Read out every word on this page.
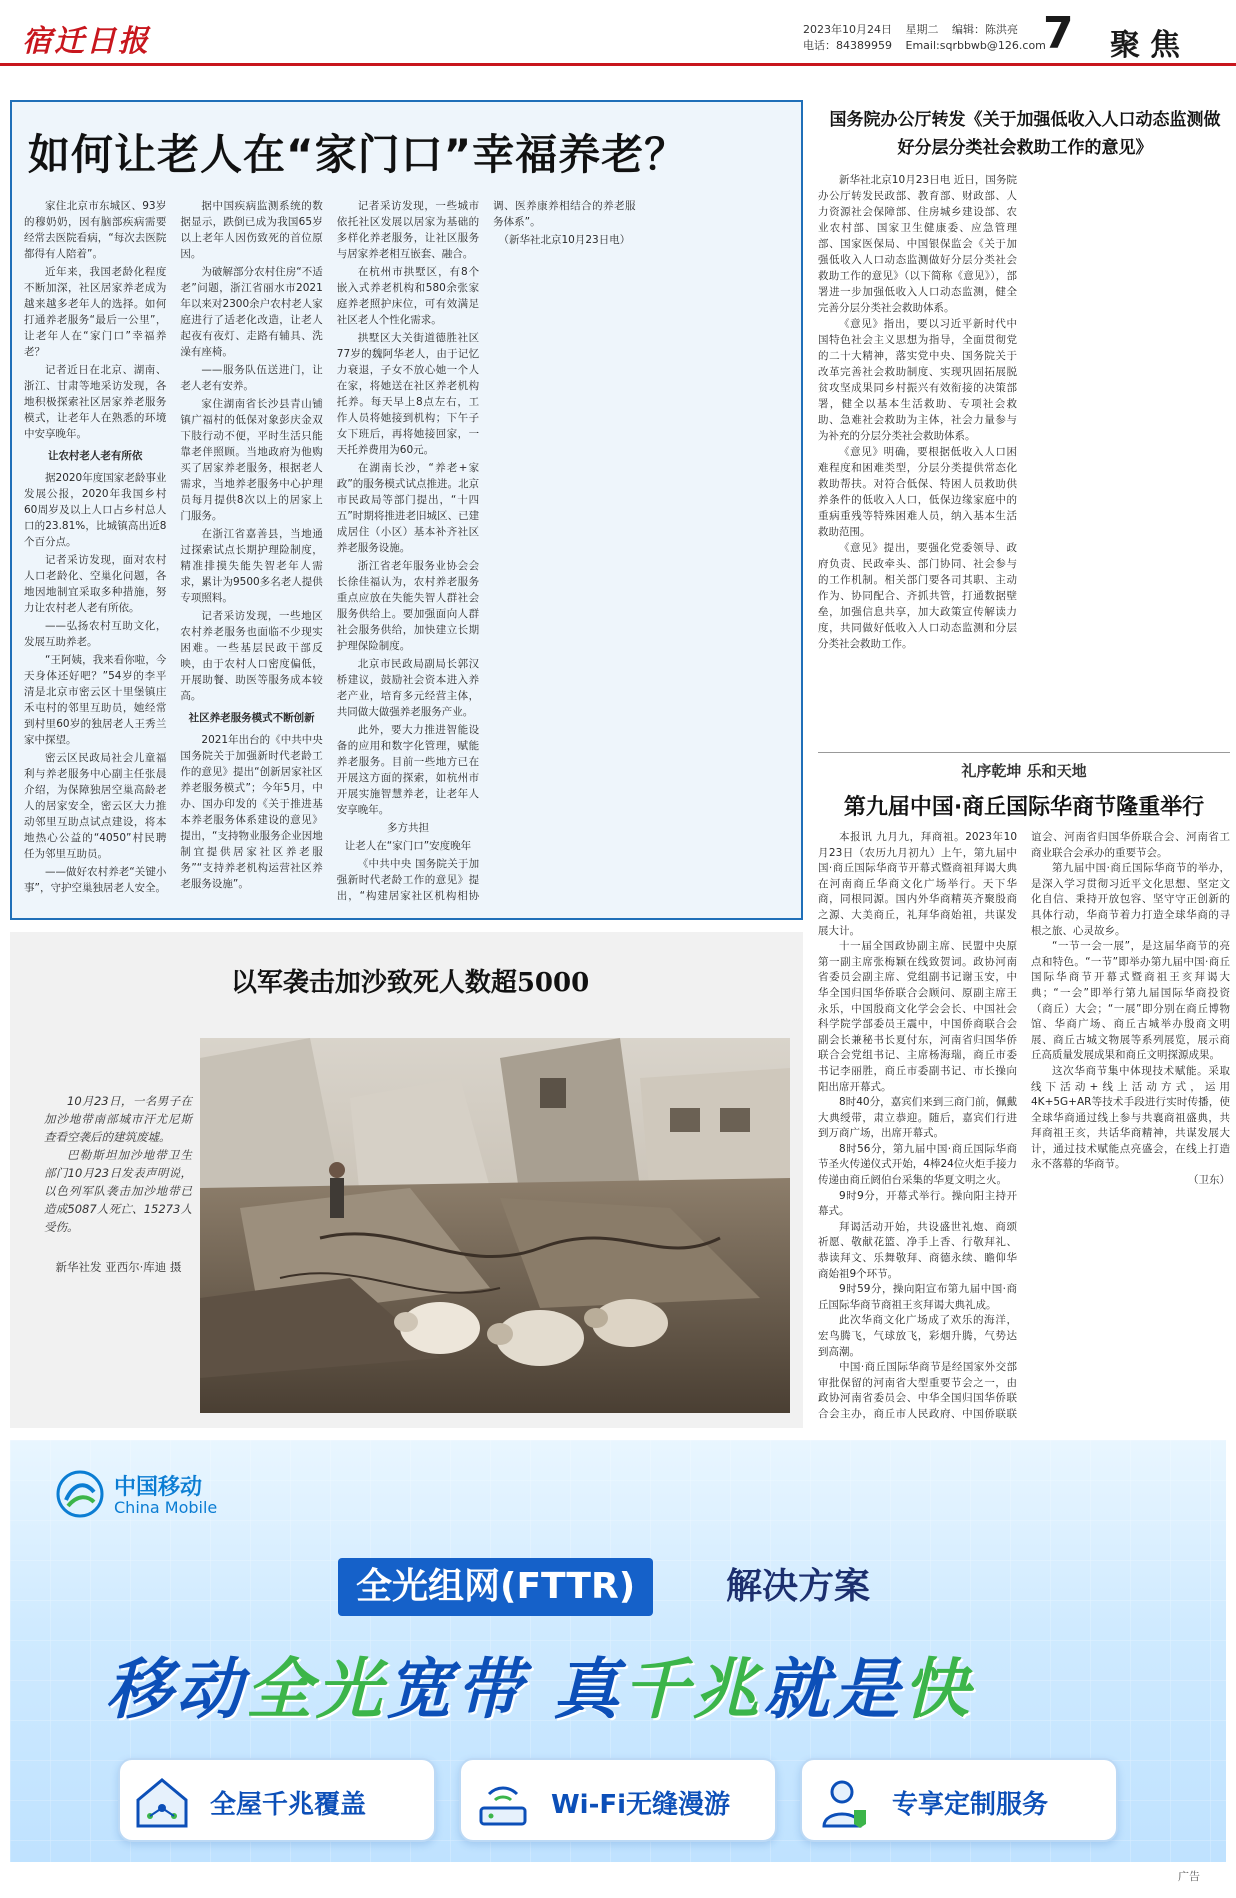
宿迁日报	2023年10月24日 星期二 编辑：陈洪亮
电话：84389959 Email:sqrbbwb@126.com
7 聚焦
如何让老人在“家门口”幸福养老？

家住北京市东城区、93岁的穆奶奶，因有脑部疾病需要经常去医院看病，“每次去医院都得有人陪着”。

近年来，我国老龄化程度不断加深，社区居家养老成为越来越多老年人的选择。如何打通养老服务“最后一公里”，让老年人在“家门口”幸福养老？

记者近日在北京、湖南、浙江、甘肃等地采访发现，各地积极探索社区居家养老服务模式，让老年人在熟悉的环境中安享晚年。

让农村老人老有所依

据2020年度国家老龄事业发展公报，2020年我国乡村60周岁及以上人口占乡村总人口的23.81%，比城镇高出近8个百分点。

记者采访发现，面对农村人口老龄化、空巢化问题，各地因地制宜采取多种措施，努力让农村老人老有所依。

——弘扬农村互助文化，发展互助养老。

“王阿姨，我来看你啦，今天身体还好吧？”54岁的李平清是北京市密云区十里堡镇庄禾屯村的邻里互助员，她经常到村里60岁的独居老人王秀兰家中探望。

密云区民政局社会儿童福利与养老服务中心副主任张晨介绍，为保障独居空巢高龄老人的居家安全，密云区大力推动邻里互助点试点建设，将本地热心公益的“4050”村民聘任为邻里互助员。

——做好农村养老“关键小事”，守护空巢独居老人安全。

据中国疾病监测系统的数据显示，跌倒已成为我国65岁以上老年人因伤致死的首位原因。

为破解部分农村住房“不适老”问题，浙江省丽水市2021年以来对2300余户农村老人家庭进行了适老化改造，让老人起夜有夜灯、走路有辅具、洗澡有座椅。

——服务队伍送进门，让老人老有安养。

家住湖南省长沙县青山铺镇广福村的低保对象彭庆金双下肢行动不便，平时生活只能靠老伴照顾。当地政府为他购买了居家养老服务，根据老人需求，当地养老服务中心护理员每月提供8次以上的居家上门服务。

在浙江省嘉善县，当地通过探索试点长期护理险制度，精准排摸失能失智老年人需求，累计为9500多名老人提供专项照料。

记者采访发现，一些地区农村养老服务也面临不少现实困难。一些基层民政干部反映，由于农村人口密度偏低，开展助餐、助医等服务成本较高。

社区养老服务模式不断创新

2021年出台的《中共中央 国务院关于加强新时代老龄工作的意见》提出“创新居家社区养老服务模式”；今年5月，中办、国办印发的《关于推进基本养老服务体系建设的意见》提出，“支持物业服务企业因地制宜提供居家社区养老服务”“支持养老机构运营社区养老服务设施”。

记者采访发现，一些城市依托社区发展以居家为基础的多样化养老服务，让社区服务与居家养老相互嵌套、融合。

在杭州市拱墅区，有8个嵌入式养老机构和580余张家庭养老照护床位，可有效满足社区老人个性化需求。

拱墅区大关街道德胜社区77岁的魏阿华老人，由于记忆力衰退，子女不放心她一个人在家，将她送在社区养老机构托养。每天早上8点左右，工作人员将她接到机构；下午子女下班后，再将她接回家，一天托养费用为60元。

在湖南长沙，“养老+家政”的服务模式试点推进。北京市民政局等部门提出，“十四五”时期将推进老旧城区、已建成居住（小区）基本补齐社区养老服务设施。

浙江省老年服务业协会会长徐佳福认为，农村养老服务重点应放在失能失智人群社会服务供给上。要加强面向人群社会服务供给，加快建立长期护理保险制度。

北京市民政局副局长郭汉桥建议，鼓励社会资本进入养老产业，培育多元经营主体，共同做大做强养老服务产业。

此外，要大力推进智能设备的应用和数字化管理，赋能养老服务。目前一些地方已在开展这方面的探索，如杭州市开展实施智慧养老，让老年人安享晚年。

多方共担

让老人在“家门口”安度晚年

《中共中央 国务院关于加强新时代老龄工作的意见》提出，“构建居家社区机构相协调、医养康养相结合的养老服务体系”。

（新华社北京10月23日电）

国务院办公厅转发《关于加强低收入人口动态监测做好分层分类社会救助工作的意见》

新华社北京10月23日电 近日，国务院办公厅转发民政部、教育部、财政部、人力资源社会保障部、住房城乡建设部、农业农村部、国家卫生健康委、应急管理部、国家医保局、中国银保监会《关于加强低收入人口动态监测做好分层分类社会救助工作的意见》（以下简称《意见》），部署进一步加强低收入人口动态监测，健全完善分层分类社会救助体系。

《意见》指出，要以习近平新时代中国特色社会主义思想为指导，全面贯彻党的二十大精神，落实党中央、国务院关于改革完善社会救助制度、实现巩固拓展脱贫攻坚成果同乡村振兴有效衔接的决策部署，健全以基本生活救助、专项社会救助、急难社会救助为主体，社会力量参与为补充的分层分类社会救助体系。

《意见》明确，要根据低收入人口困难程度和困难类型，分层分类提供常态化救助帮扶。对符合低保、特困人员救助供养条件的低收入人口，低保边缘家庭中的重病重残等特殊困难人员，纳入基本生活救助范围。

《意见》提出，要强化党委领导、政府负责、民政牵头、部门协同、社会参与的工作机制。相关部门要各司其职、主动作为、协同配合、齐抓共管，打通数据壁垒，加强信息共享，加大政策宣传解读力度，共同做好低收入人口动态监测和分层分类社会救助工作。

礼序乾坤 乐和天地
第九届中国·商丘国际华商节隆重举行

本报讯 九月九，拜商祖。2023年10月23日（农历九月初九）上午，第九届中国·商丘国际华商节开幕式暨商祖拜谒大典在河南商丘华商文化广场举行。天下华商，同根同源。国内外华商精英齐聚殷商之源、大美商丘，礼拜华商始祖，共谋发展大计。

十一届全国政协副主席、民盟中央原第一副主席张梅颖在线致贺词。政协河南省委员会副主席、党组副书记谢玉安，中华全国归国华侨联合会顾问、原副主席王永乐，中国殷商文化学会会长、中国社会科学院学部委员王震中，中国侨商联合会副会长兼秘书长夏付东，河南省归国华侨联合会党组书记、主席杨海瑞，商丘市委书记李丽胜，商丘市委副书记、市长操向阳出席开幕式。

8时40分，嘉宾们来到三商门前，佩戴大典绶带，肃立恭迎。随后，嘉宾们行进到万商广场，出席开幕式。

8时56分，第九届中国·商丘国际华商节圣火传递仪式开始，4棒24位火炬手接力传递由商丘阏伯台采集的华夏文明之火。

9时9分，开幕式举行。操向阳主持开幕式。

拜谒活动开始，共设盛世礼炮、商颂祈愿、敬献花篮、净手上香、行敬拜礼、恭读拜文、乐舞敬拜、商德永续、瞻仰华商始祖9个环节。

9时59分，操向阳宣布第九届中国·商丘国际华商节商祖王亥拜谒大典礼成。

此次华商文化广场成了欢乐的海洋，宏鸟腾飞，气球放飞，彩烟升腾，气势达到高潮。

中国·商丘国际华商节是经国家外交部审批保留的河南省大型重要节会之一，由政协河南省委员会、中华全国归国华侨联合会主办，商丘市人民政府、中国侨联联谊会、河南省归国华侨联合会、河南省工商业联合会承办的重要节会。

第九届中国·商丘国际华商节的举办，是深入学习贯彻习近平文化思想、坚定文化自信、秉持开放包容、坚守守正创新的具体行动，华商节着力打造全球华商的寻根之旅、心灵故乡。

“一节一会一展”，是这届华商节的亮点和特色。“一节”即举办第九届中国·商丘国际华商节开幕式暨商祖王亥拜谒大典；“一会”即举行第九届国际华商投资（商丘）大会；“一展”即分别在商丘博物馆、华商广场、商丘古城举办殷商文明展、商丘古城文物展等系列展览，展示商丘高质量发展成果和商丘文明探源成果。

这次华商节集中体现技术赋能。采取线下活动+线上活动方式，运用4K+5G+AR等技术手段进行实时传播，使全球华商通过线上参与共襄商祖盛典，共拜商祖王亥，共话华商精神，共谋发展大计，通过技术赋能点亮盛会，在线上打造永不落幕的华商节。

（卫东）

以军袭击加沙致死人数超5000

10月23日，一名男子在加沙地带南部城市汗尤尼斯查看空袭后的建筑废墟。

巴勒斯坦加沙地带卫生部门10月23日发表声明说，以色列军队袭击加沙地带已造成5087人死亡、15273人受伤。

新华社发 亚西尔·库迪 摄

中国移动
China Mobile
全光组网(FTTR)	解决方案
移动全光宽带 真千兆就是快
全屋千兆覆盖	Wi-Fi无缝漫游	专享定制服务
广告
